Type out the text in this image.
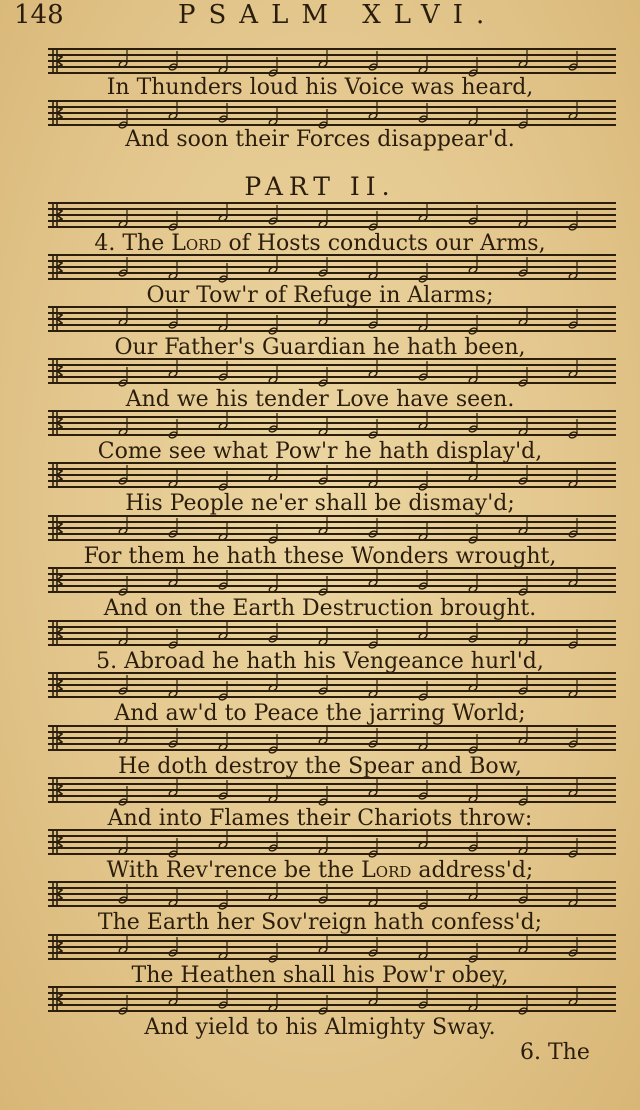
148	PSALM XLVI.
PART II.
In Thunders loud his Voice was heard,
And soon their Forces disappear'd.
4. The Lord of Hosts conducts our Arms,
Our Tow'r of Refuge in Alarms;
Our Father's Guardian he hath been,
And we his tender Love have seen.
Come see what Pow'r he hath display'd,
His People ne'er shall be dismay'd;
For them he hath these Wonders wrought,
And on the Earth Destruction brought.
5. Abroad he hath his Vengeance hurl'd,
And aw'd to Peace the jarring World;
He doth destroy the Spear and Bow,
And into Flames their Chariots throw:
With Rev'rence be the Lord address'd;
The Earth her Sov'reign hath confess'd;
The Heathen shall his Pow'r obey,
And yield to his Almighty Sway.
6. The
